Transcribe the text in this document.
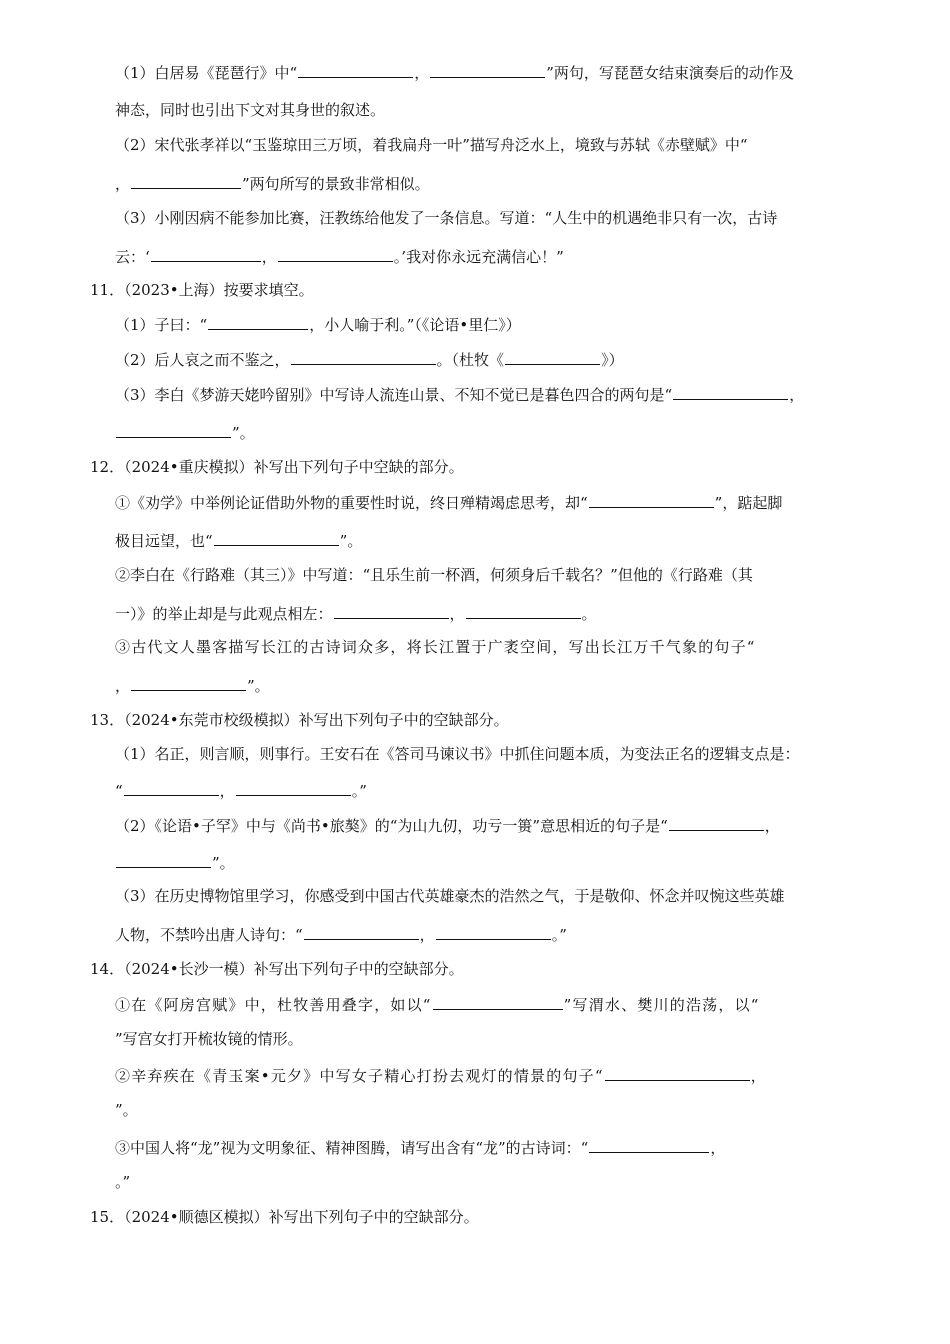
（1）白居易《琵琶行》中“	，	”两句，写琵琶女结束演奏后的动作及
神态，同时也引出下文对其身世的叙述。
（2）宋代张孝祥以“玉鉴琼田三万顷，着我扁舟一叶”描写舟泛水上，境致与苏轼《赤壁赋》中“
，	”两句所写的景致非常相似。
（3）小刚因病不能参加比赛，汪教练给他发了一条信息。写道：“人生中的机遇绝非只有一次，古诗
云：‘	，	。’我对你永远充满信心！”
11．（2023•上海）按要求填空。
（1）子曰：“	，小人喻于利。”（《论语•里仁》）
（2）后人哀之而不鉴之，	。（杜牧《	》）
（3）李白《梦游天姥吟留别》中写诗人流连山景、不知不觉已是暮色四合的两句是“	，
”。
12．（2024•重庆模拟）补写出下列句子中空缺的部分。
①《劝学》中举例论证借助外物的重要性时说，终日殚精竭虑思考，却“	”，踮起脚
极目远望，也“	”。
②李白在《行路难（其三）》中写道：“且乐生前一杯酒，何须身后千载名？”但他的《行路难（其
一）》的举止却是与此观点相左：	，	。
③古代文人墨客描写长江的古诗词众多，将长江置于广袤空间，写出长江万千气象的句子“
，	”。
13．（2024•东莞市校级模拟）补写出下列句子中的空缺部分。
（1）名正，则言顺，则事行。王安石在《答司马谏议书》中抓住问题本质，为变法正名的逻辑支点是：
“	，	。”
（2）《论语•子罕》中与《尚书•旅獒》的“为山九仞，功亏一篑”意思相近的句子是“	，
”。
（3）在历史博物馆里学习，你感受到中国古代英雄豪杰的浩然之气，于是敬仰、怀念并叹惋这些英雄
人物，不禁吟出唐人诗句：“	，	。”
14．（2024•长沙一模）补写出下列句子中的空缺部分。
①在《阿房宫赋》中，杜牧善用叠字，如以“	”写渭水、樊川的浩荡，以“
”写宫女打开梳妆镜的情形。
②辛弃疾在《青玉案•元夕》中写女子精心打扮去观灯的情景的句子“	，
”。
③中国人将“龙”视为文明象征、精神图腾，请写出含有“龙”的古诗词：“	，
。”
15．（2024•顺德区模拟）补写出下列句子中的空缺部分。
